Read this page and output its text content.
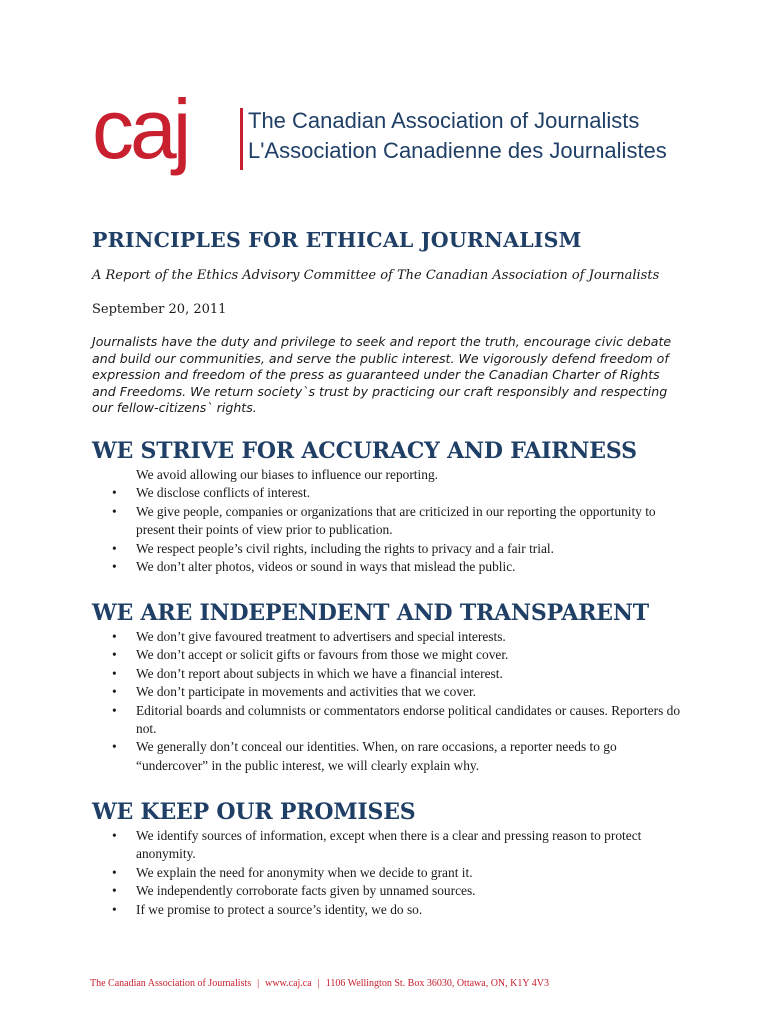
caj	The Canadian Association of Journalists
L'Association Canadienne des Journalistes
PRINCIPLES FOR ETHICAL JOURNALISM
A Report of the Ethics Advisory Committee of The Canadian Association of Journalists
September 20, 2011
Journalists have the duty and privilege to seek and report the truth, encourage civic debate and build our communities, and serve the public interest. We vigorously defend freedom of expression and freedom of the press as guaranteed under the Canadian Charter of Rights and Freedoms. We return society`s trust by practicing our craft responsibly and respecting our fellow-citizens` rights.
WE STRIVE FOR ACCURACY AND FAIRNESS
We avoid allowing our biases to influence our reporting.
• We disclose conflicts of interest.
• We give people, companies or organizations that are criticized in our reporting the opportunity to present their points of view prior to publication.
• We respect people’s civil rights, including the rights to privacy and a fair trial.
• We don’t alter photos, videos or sound in ways that mislead the public.
WE ARE INDEPENDENT AND TRANSPARENT
• We don’t give favoured treatment to advertisers and special interests.
• We don’t accept or solicit gifts or favours from those we might cover.
• We don’t report about subjects in which we have a financial interest.
• We don’t participate in movements and activities that we cover.
• Editorial boards and columnists or commentators endorse political candidates or causes. Reporters do not.
• We generally don’t conceal our identities. When, on rare occasions, a reporter needs to go “undercover” in the public interest, we will clearly explain why.
WE KEEP OUR PROMISES
• We identify sources of information, except when there is a clear and pressing reason to protect anonymity.
• We explain the need for anonymity when we decide to grant it.
• We independently corroborate facts given by unnamed sources.
• If we promise to protect a source’s identity, we do so.
The Canadian Association of Journalists | www.caj.ca | 1106 Wellington St. Box 36030, Ottawa, ON, K1Y 4V3
